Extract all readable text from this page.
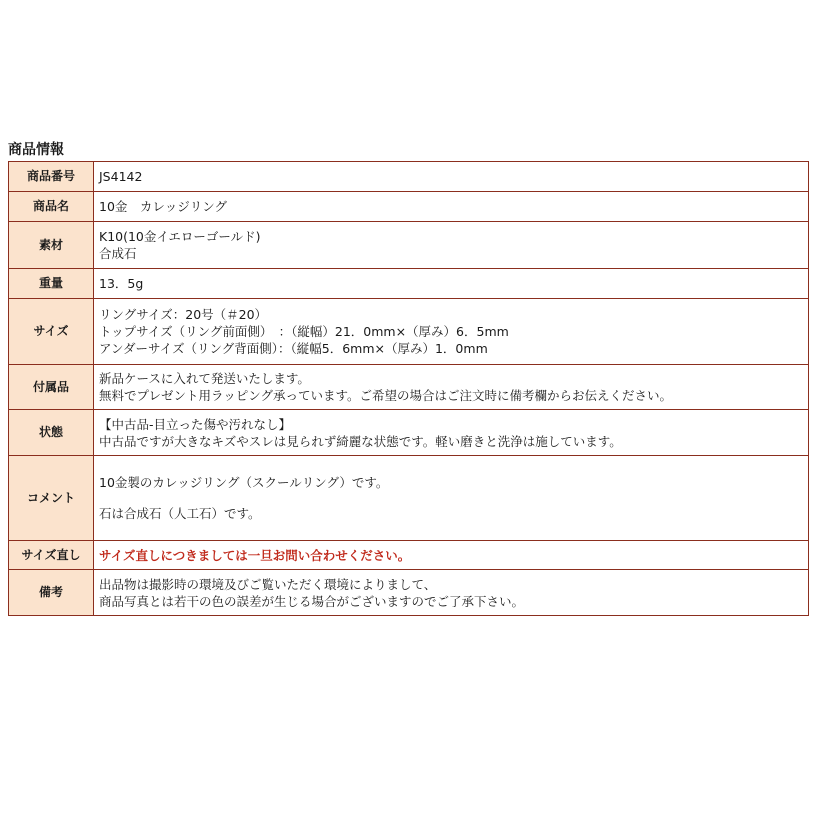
商品情報
商品番号	JS4142
商品名	10金　カレッジリング
素材	K10(10金イエローゴールド)
合成石

重量	13．5g
サイズ	リングサイズ：20号（＃20）
トップサイズ（リング前面側）　：（縦幅）21．0mm×（厚み）6．5mm
アンダーサイズ（リング背面側）：（縦幅5．6mm×（厚み）1．0mm

付属品	新品ケースに入れて発送いたします。
無料でプレゼント用ラッピング承っています。ご希望の場合はご注文時に備考欄からお伝えください。

状態	【中古品-目立った傷や汚れなし】
中古品ですが大きなキズやスレは見られず綺麗な状態です。軽い磨きと洗浄は施しています。

コメント	10金製のカレッジリング（スクールリング）です。
石は合成石（人工石）です。

サイズ直し	サイズ直しにつきましては一旦お問い合わせください。
備考	出品物は撮影時の環境及びご覧いただく環境によりまして、
商品写真とは若干の色の誤差が生じる場合がございますのでご了承下さい。
